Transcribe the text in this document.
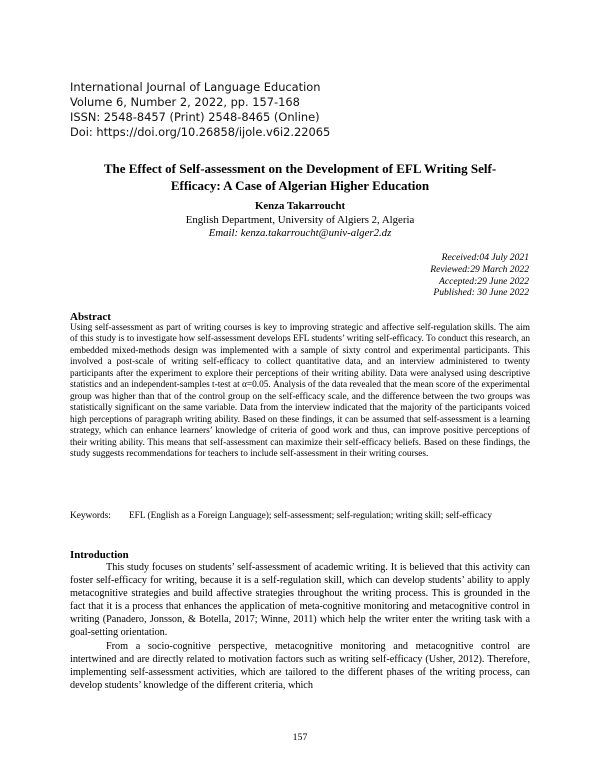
International Journal of Language Education
Volume 6, Number 2, 2022, pp. 157-168
ISSN: 2548-8457 (Print) 2548-8465 (Online)
Doi: https://doi.org/10.26858/ijole.v6i2.22065
The Effect of Self-assessment on the Development of EFL Writing Self-Efficacy: A Case of Algerian Higher Education
Kenza Takarroucht
English Department, University of Algiers 2, Algeria
Email: kenza.takarroucht@univ-alger2.dz
Received:04 July 2021
Reviewed:29 March 2022
Accepted:29 June 2022
Published: 30 June 2022
Abstract

Using self-assessment as part of writing courses is key to improving strategic and affective self-regulation skills. The aim of this study is to investigate how self-assessment develops EFL students’ writing self-efficacy. To conduct this research, an embedded mixed-methods design was implemented with a sample of sixty control and experimental participants. This involved a post-scale of writing self-efficacy to collect quantitative data, and an interview administered to twenty participants after the experiment to explore their perceptions of their writing ability. Data were analysed using descriptive statistics and an independent-samples t-test at α=0.05. Analysis of the data revealed that the mean score of the experimental group was higher than that of the control group on the self-efficacy scale, and the difference between the two groups was statistically significant on the same variable. Data from the interview indicated that the majority of the participants voiced high perceptions of paragraph writing ability. Based on these findings, it can be assumed that self-assessment is a learning strategy, which can enhance learners’ knowledge of criteria of good work and thus, can improve positive perceptions of their writing ability. This means that self-assessment can maximize their self-efficacy beliefs. Based on these findings, the study suggests recommendations for teachers to include self-assessment in their writing courses.

Keywords:	EFL (English as a Foreign Language); self-assessment; self-regulation; writing skill; self-efficacy
Introduction

This study focuses on students’ self-assessment of academic writing. It is believed that this activity can foster self-efficacy for writing, because it is a self-regulation skill, which can develop students’ ability to apply metacognitive strategies and build affective strategies throughout the writing process. This is grounded in the fact that it is a process that enhances the application of meta-cognitive monitoring and metacognitive control in writing (Panadero, Jonsson, & Botella, 2017; Winne, 2011) which help the writer enter the writing task with a goal-setting orientation.

From a socio-cognitive perspective, metacognitive monitoring and metacognitive control are intertwined and are directly related to motivation factors such as writing self-efficacy (Usher, 2012). Therefore, implementing self-assessment activities, which are tailored to the different phases of the writing process, can develop students’ knowledge of the different criteria, which

157
